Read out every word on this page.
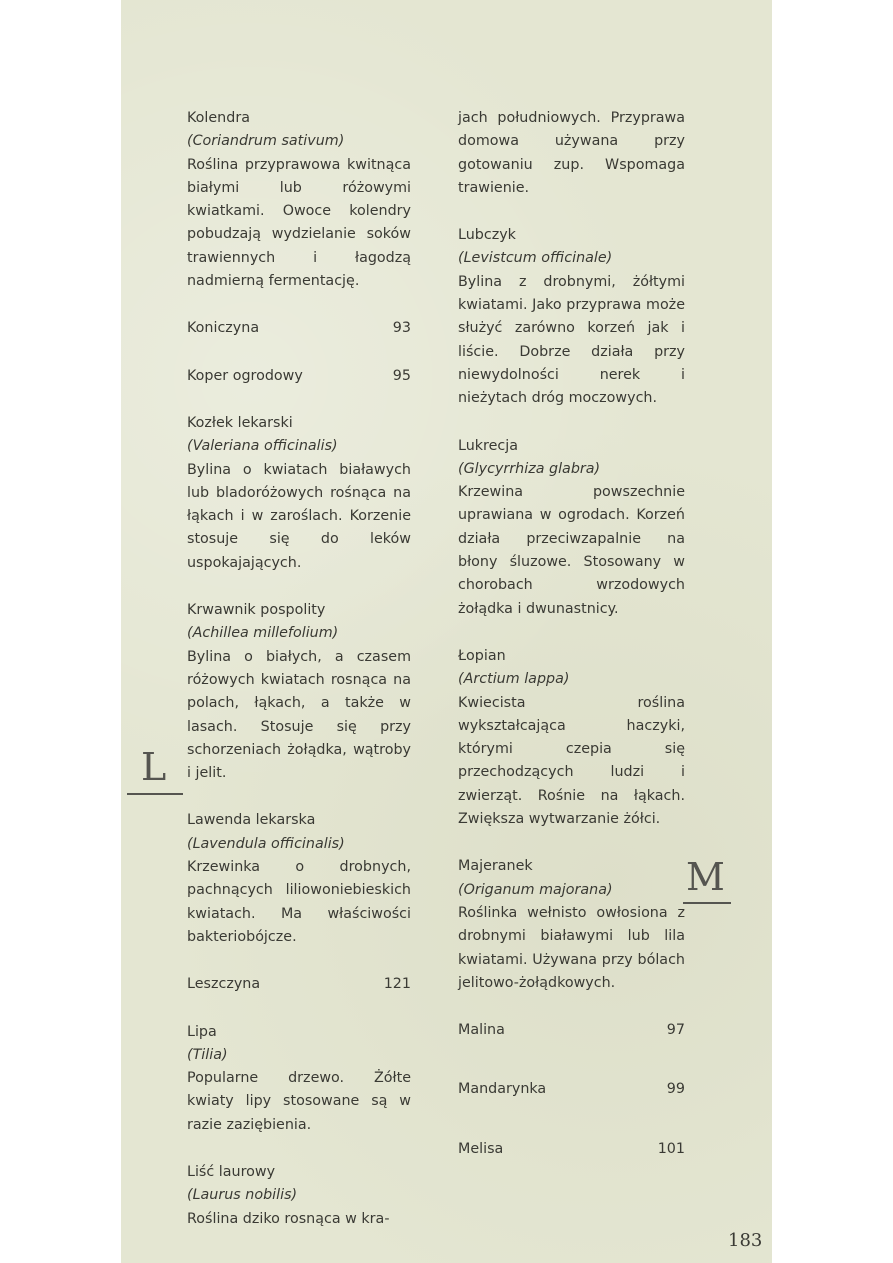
Kolendra
(Coriandrum sativum)
Roślina przyprawowa kwitnąca białymi lub różowymi kwiatkami. Owoce kolendry pobudzają wydzielanie soków trawiennych i łagodzą nadmierną fermentację.
Koniczyna	93
Koper ogrodowy	95
Kozłek lekarski
(Valeriana officinalis)
Bylina o kwiatach białawych lub bladoróżowych rośnąca na łąkach i w zaroślach. Korzenie stosuje się do leków uspokajających.
Krwawnik pospolity
(Achillea millefolium)
Bylina o białych, a czasem różowych kwiatach rosnąca na polach, łąkach, a także w lasach. Stosuje się przy schorzeniach żołądka, wątroby i jelit.
Lawenda lekarska
(Lavendula officinalis)
Krzewinka o drobnych, pachnących liliowoniebieskich kwiatach. Ma właściwości bakteriobójcze.
Leszczyna	121
Lipa
(Tilia)
Popularne drzewo. Żółte kwiaty lipy stosowane są w razie zaziębienia.
Liść laurowy
(Laurus nobilis)
Roślina dziko rosnąca w kra-
jach południowych. Przyprawa domowa używana przy gotowaniu zup. Wspomaga trawienie.
Lubczyk
(Levistcum officinale)
Bylina z drobnymi, żółtymi kwiatami. Jako przyprawa może służyć zarówno korzeń jak i liście. Dobrze działa przy niewydolności nerek i nieżytach dróg moczowych.
Lukrecja
(Glycyrrhiza glabra)
Krzewina powszechnie uprawiana w ogrodach. Korzeń działa przeciwzapalnie na błony śluzowe. Stosowany w chorobach wrzodowych żołądka i dwunastnicy.
Łopian
(Arctium lappa)
Kwiecista roślina wykształcająca haczyki, którymi czepia się przechodzących ludzi i zwierząt. Rośnie na łąkach. Zwiększa wytwarzanie żółci.
Majeranek
(Origanum majorana)
Roślinka wełnisto owłosiona z drobnymi białawymi lub lila kwiatami. Używana przy bólach jelitowo-żołądkowych.
Malina	97
Mandarynka	99
Melisa	101
L
M
183
